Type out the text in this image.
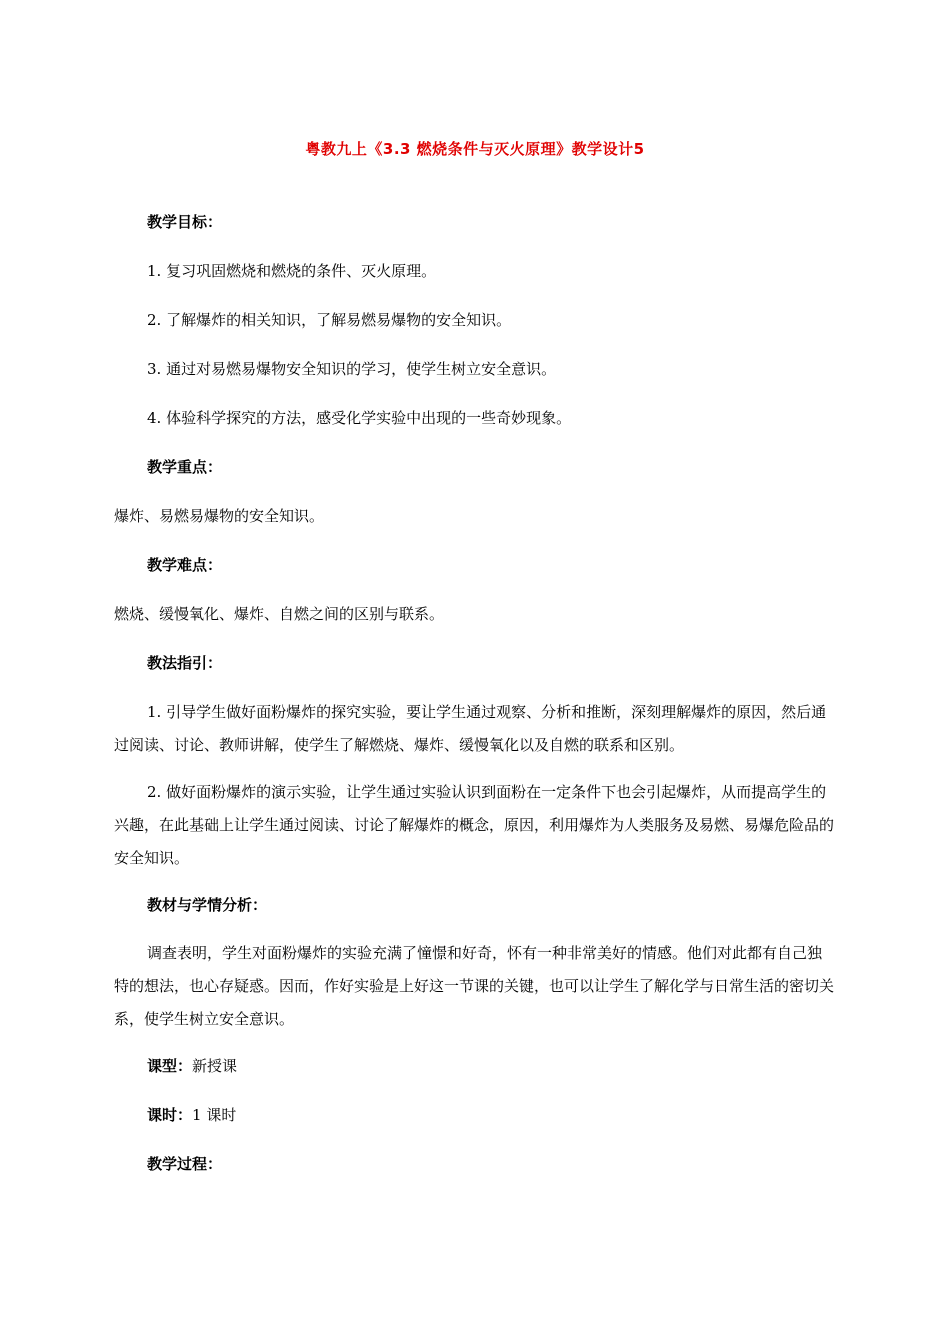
粤教九上《3.3 燃烧条件与灭火原理》教学设计5
教学目标：

1. 复习巩固燃烧和燃烧的条件、灭火原理。

2. 了解爆炸的相关知识，了解易燃易爆物的安全知识。

3. 通过对易燃易爆物安全知识的学习，使学生树立安全意识。

4. 体验科学探究的方法，感受化学实验中出现的一些奇妙现象。

教学重点：

爆炸、易燃易爆物的安全知识。

教学难点：

燃烧、缓慢氧化、爆炸、自燃之间的区别与联系。

教法指引：

1. 引导学生做好面粉爆炸的探究实验，要让学生通过观察、分析和推断，深刻理解爆炸的原因，然后通过阅读、讨论、教师讲解，使学生了解燃烧、爆炸、缓慢氧化以及自燃的联系和区别。

2. 做好面粉爆炸的演示实验，让学生通过实验认识到面粉在一定条件下也会引起爆炸，从而提高学生的兴趣，在此基础上让学生通过阅读、讨论了解爆炸的概念，原因，利用爆炸为人类服务及易燃、易爆危险品的安全知识。

教材与学情分析：

调查表明，学生对面粉爆炸的实验充满了憧憬和好奇，怀有一种非常美好的情感。他们对此都有自己独特的想法，也心存疑惑。因而，作好实验是上好这一节课的关键，也可以让学生了解化学与日常生活的密切关系，使学生树立安全意识。

课型：新授课

课时：1 课时

教学过程：
